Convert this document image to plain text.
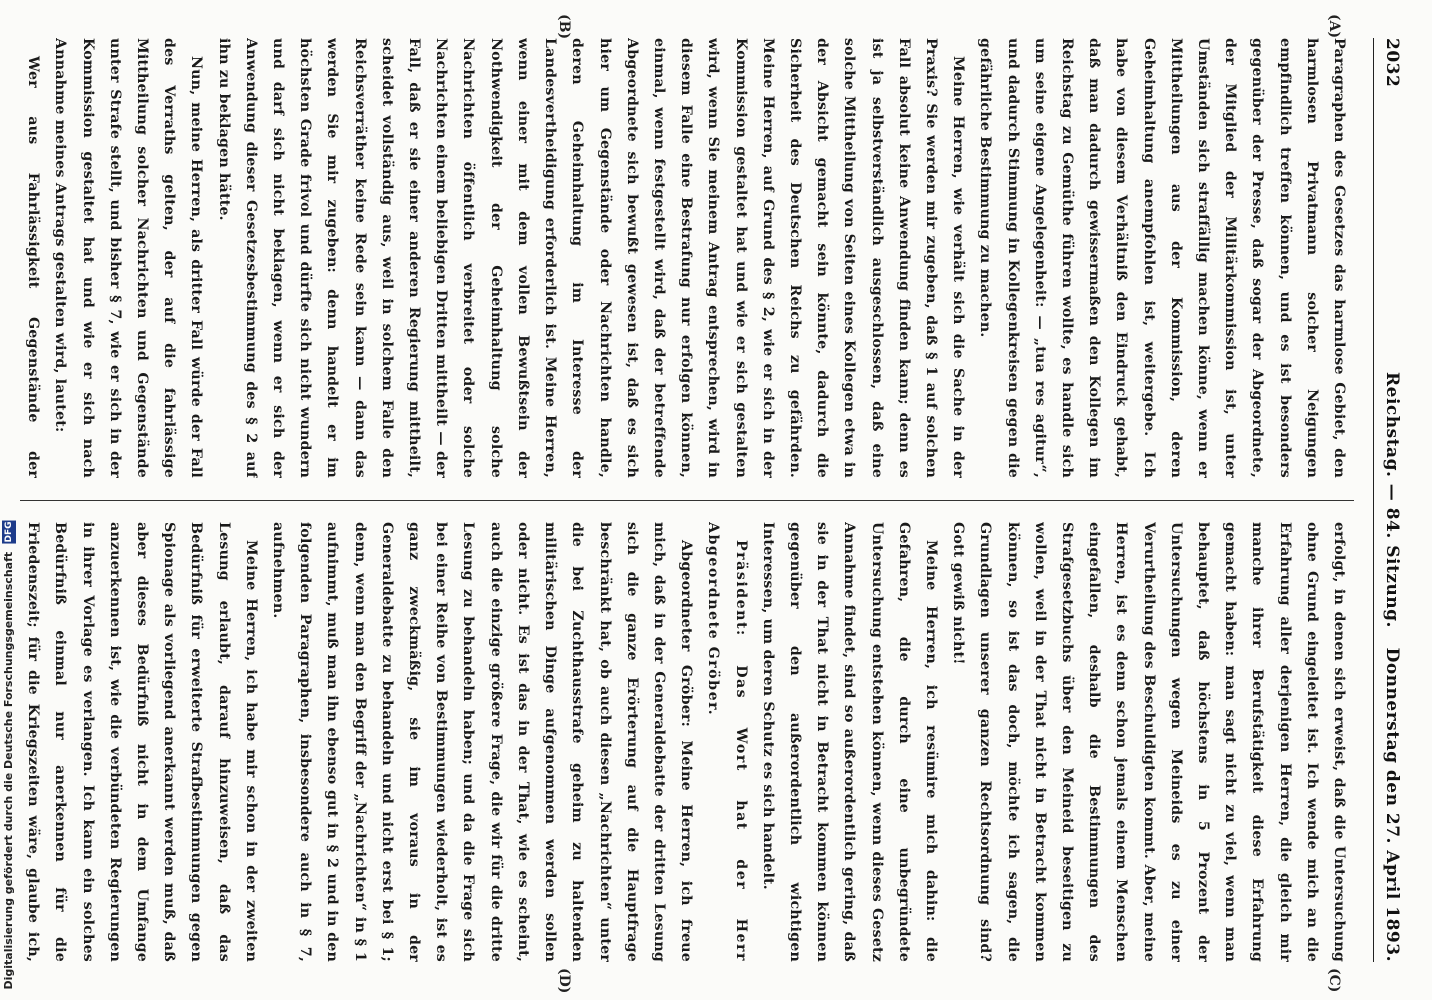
2032
Reichstag. — 84. Sitzung.
Donnerstag den 27. April 1893.
(A)
(B)
(C)
(D)

Paragraphen des Gesetzes das harmlose Gebiet, den harmlosen Privatmann solcher Neigungen empfindlich treffen können, und es ist besonders gegenüber der Presse, daß sogar der Abgeordnete, der Mitglied der Militärkommission ist, unter Umständen sich straffällig machen könne, wenn er Mittheilungen aus der Kommission, deren Geheimhaltung anempfohlen ist, weitergebe. Ich habe von diesem Verhältniß den Eindruck gehabt, daß man dadurch gewissermaßen den Kollegen im Reichstag zu Gemüthe führen wollte, es handle sich um seine eigene Angelegenheit: — „tua res agitur“, und dadurch Stimmung in Kollegenkreisen gegen die gefährliche Bestimmung zu machen.

Meine Herren, wie verhält sich die Sache in der Praxis? Sie werden mir zugeben, daß § 1 auf solchen Fall absolut keine Anwendung finden kann; denn es ist ja selbstverständlich ausgeschlossen, daß eine solche Mittheilung von Seiten eines Kollegen etwa in der Absicht gemacht sein könnte, dadurch die Sicherheit des Deutschen Reichs zu gefährden. Meine Herren, auf Grund des § 2, wie er sich in der Kommission gestaltet hat und wie er sich gestalten wird, wenn Sie meinem Antrag entsprechen, wird in diesem Falle eine Bestrafung nur erfolgen können, einmal, wenn festgestellt wird, daß der betreffende Abgeordnete sich bewußt gewesen ist, daß es sich hier um Gegenstände oder Nachrichten handle, deren Geheimhaltung im Interesse der Landesvertheidigung erforderlich ist. Meine Herren, wenn einer mit dem vollen Bewußtsein der Nothwendigkeit der Geheimhaltung solche Nachrichten öffentlich verbreitet oder solche Nachrichten einem beliebigen Dritten mittheilt — der Fall, daß er sie einer anderen Regierung mittheilt, scheidet vollständig aus, weil in solchem Falle den Reichsverräther keine Rede sein kann — dann das werden Sie mir zugeben: denn handelt er im höchsten Grade frivol und dürfte sich nicht wundern und darf sich nicht beklagen, wenn er sich der Anwendung dieser Gesetzesbestimmung des § 2 auf ihn zu beklagen hätte.

Nun, meine Herren, als dritter Fall würde der Fall des Verraths gelten, der auf die fahrlässige Mittheilung solcher Nachrichten und Gegenstände unter Strafe stellt, und bisher § 7, wie er sich in der Kommission gestaltet hat und wie er sich nach Annahme meines Antrags gestalten wird, lautet:

Wer aus Fahrlässigkeit Gegenstände der

erfolgt, in denen sich erweist, daß die Untersuchung ohne Grund eingeleitet ist. Ich wende mich an die Erfahrung aller derjenigen Herren, die gleich mir manche ihrer Berufstätigkeit diese Erfahrung gemacht haben: man sagt nicht zu viel, wenn man behauptet, daß höchstens in 5 Prozent der Untersuchungen wegen Meineids es zu einer Verurtheilung des Beschuldigten kommt. Aber, meine Herren, ist es denn schon jemals einem Menschen eingefallen, deshalb die Bestimmungen des Strafgesetzbuchs über den Meineid beseitigen zu wollen, weil in der That nicht in Betracht kommen können, so ist das doch, möchte ich sagen, die Grundlagen unserer ganzen Rechtsordnung sind? Gott gewiß nicht!

Meine Herren, ich resümire mich dahin: die Gefahren, die durch eine unbegründete Untersuchung entstehen können, wenn dieses Gesetz Annahme findet, sind so außerordentlich gering, daß sie in der That nicht in Betracht kommen können gegenüber den außerordentlich wichtigen Interessen, um deren Schutz es sich handelt.

Präsident: Das Wort hat der Herr Abgeordnete Gröber.

Abgeordneter Gröber: Meine Herren, ich freue mich, daß in der Generaldebatte der dritten Lesung sich die ganze Erörterung auf die Hauptfrage beschränkt hat, ob auch diesen „Nachrichten“ unter die bei Zuchthausstrafe geheim zu haltenden militärischen Dinge aufgenommen werden sollen oder nicht. Es ist das in der That, wie es scheint, auch die einzige größere Frage, die wir für die dritte Lesung zu behandeln haben; und da die Frage sich bei einer Reihe von Bestimmungen wiederholt, ist es ganz zweckmäßig, sie im voraus in der Generaldebatte zu behandeln und nicht erst bei § 1; denn, wenn man den Begriff der „Nachrichten“ in § 1 aufnimmt, muß man ihn ebenso gut in § 2 und in den folgenden Paragraphen, insbesondere auch in § 7, aufnehmen.

Meine Herren, ich habe mir schon in der zweiten Lesung erlaubt, darauf hinzuweisen, daß das Bedürfniß für erweiterte Strafbestimmungen gegen Spionage als vorliegend anerkannt werden muß, daß aber dieses Bedürfniß nicht in dem Umfange anzuerkennen ist, wie die verbündeten Regierungen in ihrer Vorlage es verlangen. Ich kann ein solches Bedürfniß einmal nur anerkennen für die Friedenszeit; für die Kriegszeiten wäre, glaube ich,

Digitalisierung gefördert durch die Deutsche Forschungsgemeinschaft DFG
